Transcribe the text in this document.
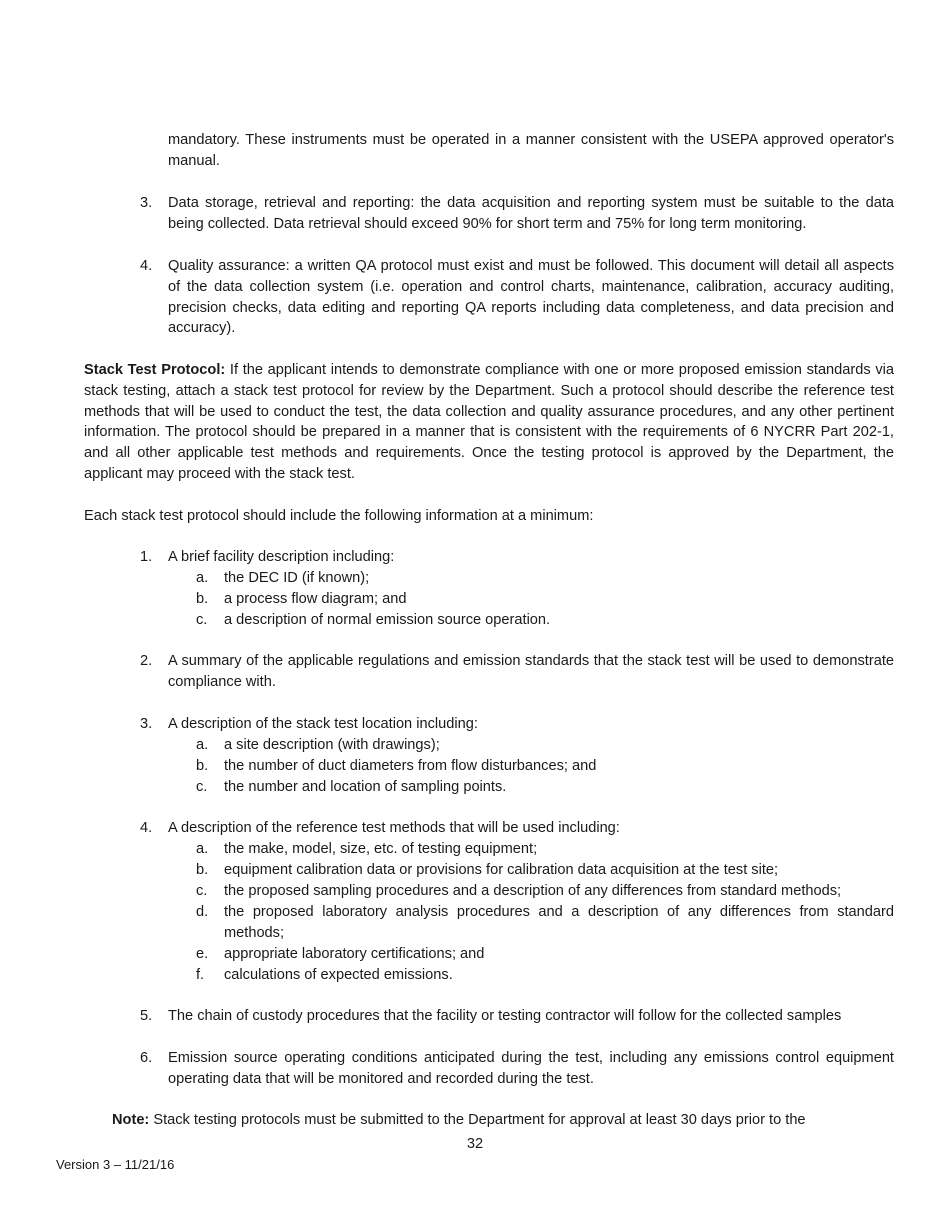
mandatory. These instruments must be operated in a manner consistent with the USEPA approved operator's manual.

3.	Data storage, retrieval and reporting: the data acquisition and reporting system must be suitable to the data being collected. Data retrieval should exceed 90% for short term and 75% for long term monitoring.

4.	Quality assurance: a written QA protocol must exist and must be followed. This document will detail all aspects of the data collection system (i.e. operation and control charts, maintenance, calibration, accuracy auditing, precision checks, data editing and reporting QA reports including data completeness, and data precision and accuracy).

Stack Test Protocol: If the applicant intends to demonstrate compliance with one or more proposed emission standards via stack testing, attach a stack test protocol for review by the Department. Such a protocol should describe the reference test methods that will be used to conduct the test, the data collection and quality assurance procedures, and any other pertinent information. The protocol should be prepared in a manner that is consistent with the requirements of 6 NYCRR Part 202-1, and all other applicable test methods and requirements. Once the testing protocol is approved by the Department, the applicant may proceed with the stack test.

Each stack test protocol should include the following information at a minimum:

1.	A brief facility description including:

a. the DEC ID (if known);
b. a process flow diagram; and
c. a description of normal emission source operation.
2.	A summary of the applicable regulations and emission standards that the stack test will be used to demonstrate compliance with.

3.	A description of the stack test location including:

a. a site description (with drawings);
b. the number of duct diameters from flow disturbances; and
c. the number and location of sampling points.
4.	A description of the reference test methods that will be used including:

a. the make, model, size, etc. of testing equipment;
b. equipment calibration data or provisions for calibration data acquisition at the test site;
c. the proposed sampling procedures and a description of any differences from standard methods;
d. the proposed laboratory analysis procedures and a description of any differences from standard methods;
e. appropriate laboratory certifications; and
f. calculations of expected emissions.
5.	The chain of custody procedures that the facility or testing contractor will follow for the collected samples

6.	Emission source operating conditions anticipated during the test, including any emissions control equipment operating data that will be monitored and recorded during the test.

Note: Stack testing protocols must be submitted to the Department for approval at least 30 days prior to the

32
Version 3 – 11/21/16
